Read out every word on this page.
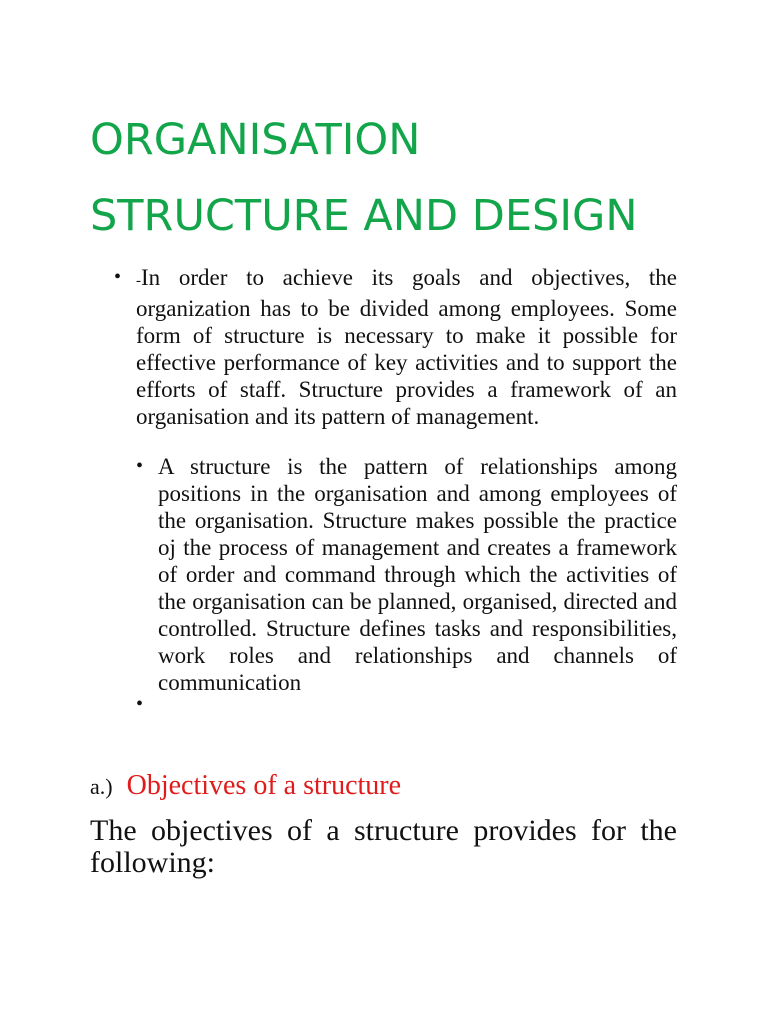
ORGANISATION
STRUCTURE AND DESIGN
• -In order to achieve its goals and objectives, the organization has to be divided among employees. Some form of structure is necessary to make it possible for effective performance of key activities and to support the efforts of staff. Structure provides a framework of an organisation and its pattern of management.
• A structure is the pattern of relationships among positions in the organisation and among employees of the organisation. Structure makes possible the practice oj the process of management and creates a framework of order and command through which the activities of the organisation can be planned, organised, directed and controlled. Structure defines tasks and responsibilities, work roles and relationships and channels of communication
•
a.) Objectives of a structure

The objectives of a structure provides for the following:
